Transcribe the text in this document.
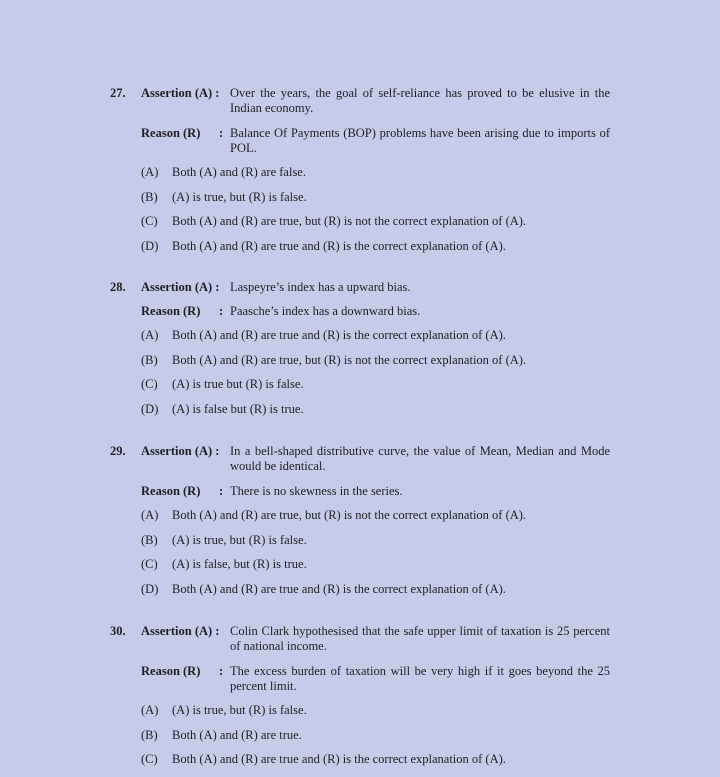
27.	Assertion (A) : Over the years, the goal of self-reliance has proved to be elusive in the Indian economy.
Reason (R)	: Balance Of Payments (BOP) problems have been arising due to imports of POL.
(A)	Both (A) and (R) are false.
(B)	(A) is true, but (R) is false.
(C)	Both (A) and (R) are true, but (R) is not the correct explanation of (A).
(D)	Both (A) and (R) are true and (R) is the correct explanation of (A).
28.	Assertion (A) : Laspeyre’s index has a upward bias.
Reason (R)	: Paasche’s index has a downward bias.
(A)	Both (A) and (R) are true and (R) is the correct explanation of (A).
(B)	Both (A) and (R) are true, but (R) is not the correct explanation of (A).
(C)	(A) is true but (R) is false.
(D)	(A) is false but (R) is true.
29.	Assertion (A) : In a bell-shaped distributive curve, the value of Mean, Median and Mode would be identical.
Reason (R)	: There is no skewness in the series.
(A)	Both (A) and (R) are true, but (R) is not the correct explanation of (A).
(B)	(A) is true, but (R) is false.
(C)	(A) is false, but (R) is true.
(D)	Both (A) and (R) are true and (R) is the correct explanation of (A).
30.	Assertion (A) : Colin Clark hypothesised that the safe upper limit of taxation is 25 percent of national income.
Reason (R)	: The excess burden of taxation will be very high if it goes beyond the 25 percent limit.
(A)	(A) is true, but (R) is false.
(B)	Both (A) and (R) are true.
(C)	Both (A) and (R) are true and (R) is the correct explanation of (A).
